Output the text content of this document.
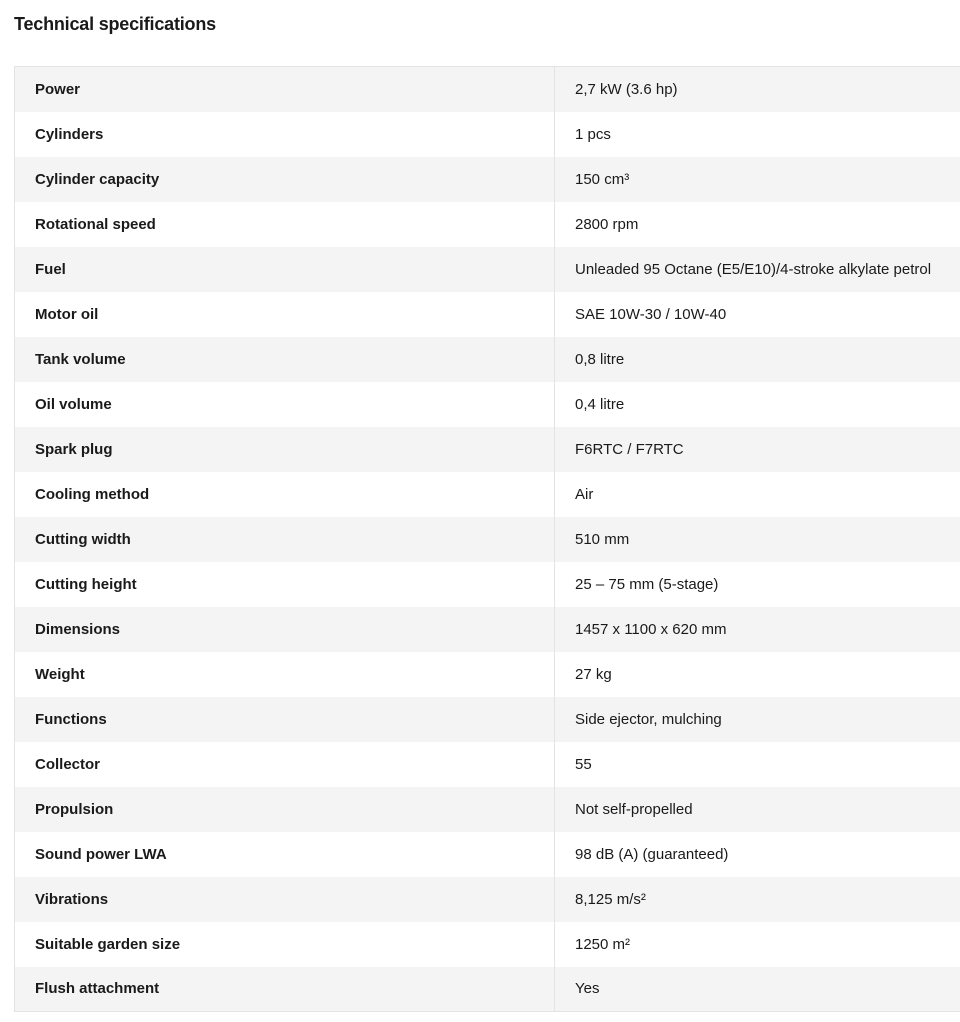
Technical specifications
Power	2,7 kW (3.6 hp)
Cylinders	1 pcs
Cylinder capacity	150 cm³
Rotational speed	2800 rpm
Fuel	Unleaded 95 Octane (E5/E10)/4-stroke alkylate petrol
Motor oil	SAE 10W-30 / 10W-40
Tank volume	0,8 litre
Oil volume	0,4 litre
Spark plug	F6RTC / F7RTC
Cooling method	Air
Cutting width	510 mm
Cutting height	25 – 75 mm (5-stage)
Dimensions	1457 x 1100 x 620 mm
Weight	27 kg
Functions	Side ejector, mulching
Collector	55
Propulsion	Not self-propelled
Sound power LWA	98 dB (A) (guaranteed)
Vibrations	8,125 m/s²
Suitable garden size	1250 m²
Flush attachment	Yes
